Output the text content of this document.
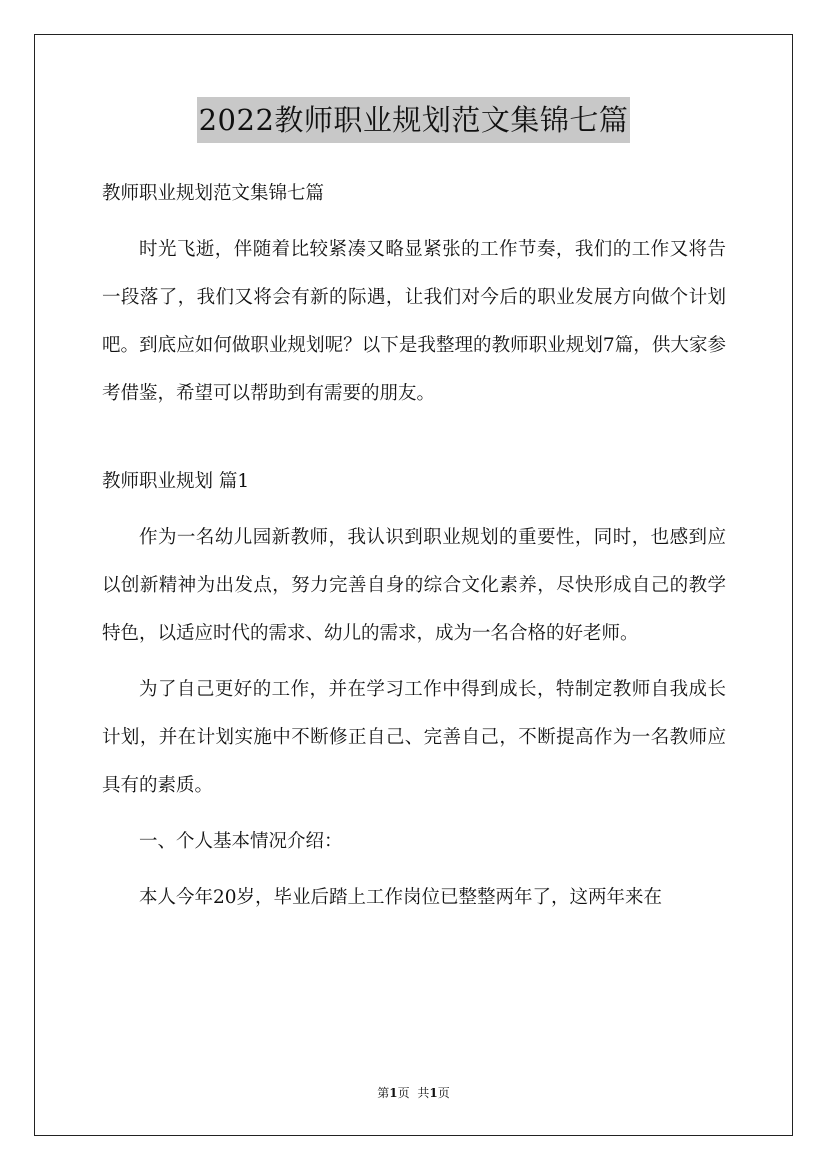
2022教师职业规划范文集锦七篇
教师职业规划范文集锦七篇

时光飞逝，伴随着比较紧凑又略显紧张的工作节奏，我们的工作又将告一段落了，我们又将会有新的际遇，让我们对今后的职业发展方向做个计划吧。到底应如何做职业规划呢？以下是我整理的教师职业规划7篇，供大家参考借鉴，希望可以帮助到有需要的朋友。

教师职业规划 篇1

作为一名幼儿园新教师，我认识到职业规划的重要性，同时，也感到应以创新精神为出发点，努力完善自身的综合文化素养，尽快形成自己的教学特色，以适应时代的需求、幼儿的需求，成为一名合格的好老师。

为了自己更好的工作，并在学习工作中得到成长，特制定教师自我成长计划，并在计划实施中不断修正自己、完善自己，不断提高作为一名教师应具有的素质。

一、个人基本情况介绍：

本人今年20岁，毕业后踏上工作岗位已整整两年了，这两年来在

第1页 共1页
